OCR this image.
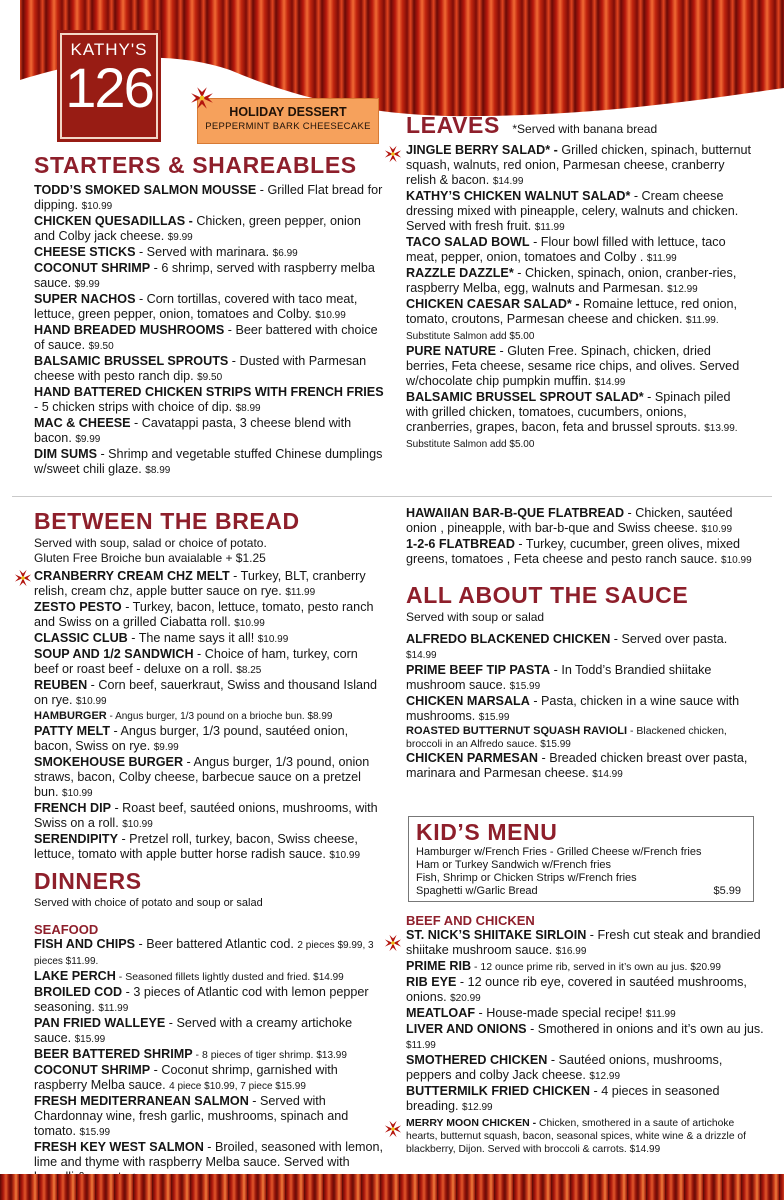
KATHY'S
126	HOLIDAY DESSERT
PEPPERMINT BARK CHEESECAKE
STARTERS & SHAREABLES
TODD’S SMOKED SALMON MOUSSE - Grilled Flat bread for dipping. $10.99
CHICKEN QUESADILLAS - Chicken, green pepper, onion and Colby jack cheese. $9.99
CHEESE STICKS - Served with marinara. $6.99
COCONUT SHRIMP - 6 shrimp, served with raspberry melba sauce. $9.99
SUPER NACHOS - Corn tortillas, covered with taco meat, lettuce, green pepper, onion, tomatoes and Colby. $10.99
HAND BREADED MUSHROOMS - Beer battered with choice of sauce. $9.50
BALSAMIC BRUSSEL SPROUTS - Dusted with Parmesan cheese with pesto ranch dip. $9.50
HAND BATTERED CHICKEN STRIPS WITH FRENCH FRIES - 5 chicken strips with choice of dip. $8.99
MAC & CHEESE - Cavatappi pasta, 3 cheese blend with bacon. $9.99
DIM SUMS - Shrimp and vegetable stuffed Chinese dumplings w/sweet chili glaze. $8.99
LEAVES *Served with banana bread
JINGLE BERRY SALAD* - Grilled chicken, spinach, butternut squash, walnuts, red onion, Parmesan cheese, cranberry relish & bacon. $14.99
KATHY’S CHICKEN WALNUT SALAD* - Cream cheese dressing mixed with pineapple, celery, walnuts and chicken. Served with fresh fruit. $11.99
TACO SALAD BOWL - Flour bowl filled with lettuce, taco meat, pepper, onion, tomatoes and Colby . $11.99
RAZZLE DAZZLE* - Chicken, spinach, onion, cranber-ries, raspberry Melba, egg, walnuts and Parmesan. $12.99
CHICKEN CAESAR SALAD* - Romaine lettuce, red onion, tomato, croutons, Parmesan cheese and chicken. $11.99. Substitute Salmon add $5.00
PURE NATURE - Gluten Free. Spinach, chicken, dried berries, Feta cheese, sesame rice chips, and olives. Served w/chocolate chip pumpkin muffin. $14.99
BALSAMIC BRUSSEL SPROUT SALAD* - Spinach piled with grilled chicken, tomatoes, cucumbers, onions, cranberries, grapes, bacon, feta and brussel sprouts. $13.99. Substitute Salmon add $5.00
BETWEEN THE BREAD
Served with soup, salad or choice of potato.
Gluten Free Broiche bun avaialable + $1.25
CRANBERRY CREAM CHZ MELT - Turkey, BLT, cranberry relish, cream chz, apple butter sauce on rye. $11.99
ZESTO PESTO - Turkey, bacon, lettuce, tomato, pesto ranch and Swiss on a grilled Ciabatta roll. $10.99
CLASSIC CLUB - The name says it all! $10.99
SOUP AND 1/2 SANDWICH - Choice of ham, turkey, corn beef or roast beef - deluxe on a roll. $8.25
REUBEN - Corn beef, sauerkraut, Swiss and thousand Island on rye. $10.99
HAMBURGER - Angus burger, 1/3 pound on a brioche bun. $8.99
PATTY MELT - Angus burger, 1/3 pound, sautéed onion, bacon, Swiss on rye. $9.99
SMOKEHOUSE BURGER - Angus burger, 1/3 pound, onion straws, bacon, Colby cheese, barbecue sauce on a pretzel bun. $10.99
FRENCH DIP - Roast beef, sautéed onions, mushrooms, with Swiss on a roll. $10.99
SERENDIPITY - Pretzel roll, turkey, bacon, Swiss cheese, lettuce, tomato with apple butter horse radish sauce. $10.99
HAWAIIAN BAR-B-QUE FLATBREAD - Chicken, sautéed onion , pineapple, with bar-b-que and Swiss cheese. $10.99
1-2-6 FLATBREAD - Turkey, cucumber, green olives, mixed greens, tomatoes , Feta cheese and pesto ranch sauce. $10.99
ALL ABOUT THE SAUCE
Served with soup or salad
ALFREDO BLACKENED CHICKEN - Served over pasta. $14.99
PRIME BEEF TIP PASTA - In Todd’s Brandied shiitake mushroom sauce. $15.99
CHICKEN MARSALA - Pasta, chicken in a wine sauce with mushrooms. $15.99
ROASTED BUTTERNUT SQUASH RAVIOLI - Blackened chicken, broccoli in an Alfredo sauce. $15.99
CHICKEN PARMESAN - Breaded chicken breast over pasta, marinara and Parmesan cheese. $14.99
KID’S MENU
Hamburger w/French Fries - Grilled Cheese w/French fries
Ham or Turkey Sandwich w/French fries
Fish, Shrimp or Chicken Strips w/French fries
Spaghetti w/Garlic Bread	$5.99
DINNERS
Served with choice of potato and soup or salad
SEAFOOD
FISH AND CHIPS - Beer battered Atlantic cod. 2 pieces $9.99, 3 pieces $11.99.
LAKE PERCH - Seasoned fillets lightly dusted and fried. $14.99
BROILED COD - 3 pieces of Atlantic cod with lemon pepper seasoning. $11.99
PAN FRIED WALLEYE - Served with a creamy artichoke sauce. $15.99
BEER BATTERED SHRIMP - 8 pieces of tiger shrimp. $13.99
COCONUT SHRIMP - Coconut shrimp, garnished with raspberry Melba sauce. 4 piece $10.99, 7 piece $15.99
FRESH MEDITERRANEAN SALMON - Served with Chardonnay wine, fresh garlic, mushrooms, spinach and tomato. $15.99
FRESH KEY WEST SALMON - Broiled, seasoned with lemon, lime and thyme with raspberry Melba sauce. Served with
BEEF AND CHICKEN
ST. NICK’S SHIITAKE SIRLOIN - Fresh cut steak and brandied shiitake mushroom sauce. $16.99
PRIME RIB - 12 ounce prime rib, served in it’s own au jus. $20.99
RIB EYE - 12 ounce rib eye, covered in sautéed mushrooms, onions. $20.99
MEATLOAF - House-made special recipe! $11.99
LIVER AND ONIONS - Smothered in onions and it’s own au jus. $11.99
SMOTHERED CHICKEN - Sautéed onions, mushrooms, peppers and colby Jack cheese. $12.99
BUTTERMILK FRIED CHICKEN - 4 pieces in seasoned breading. $12.99
MERRY MOON CHICKEN - Chicken, smothered in a saute of artichoke hearts, butternut squash, bacon, seasonal spices, white wine & a drizzle of blackberry, Dijon. Served with broccoli & carrots. $14.99
